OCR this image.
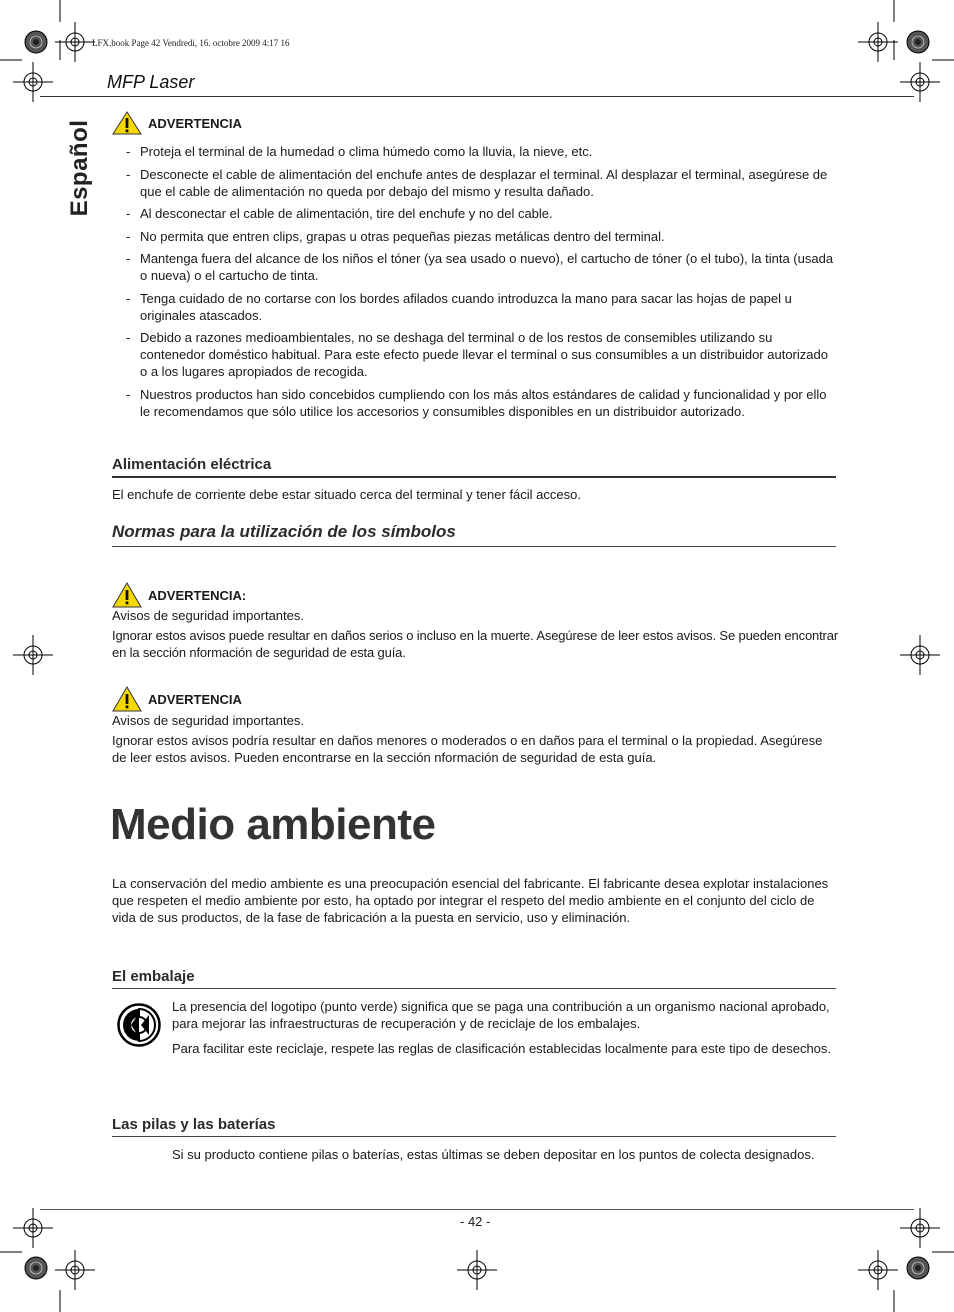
LFX.book Page 42 Vendredi, 16. octobre 2009 4:17 16
MFP Laser
Español	ADVERTENCIA
- Proteja el terminal de la humedad o clima húmedo como la lluvia, la nieve, etc.
- Desconecte el cable de alimentación del enchufe antes de desplazar el terminal. Al desplazar el terminal, asegúrese de que el cable de alimentación no queda por debajo del mismo y resulta dañado.
- Al desconectar el cable de alimentación, tire del enchufe y no del cable.
- No permita que entren clips, grapas u otras pequeñas piezas metálicas dentro del terminal.
- Mantenga fuera del alcance de los niños el tóner (ya sea usado o nuevo), el cartucho de tóner (o el tubo), la tinta (usada o nueva) o el cartucho de tinta.
- Tenga cuidado de no cortarse con los bordes afilados cuando introduzca la mano para sacar las hojas de papel u originales atascados.
- Debido a razones medioambientales, no se deshaga del terminal o de los restos de consemibles utilizando su contenedor doméstico habitual. Para este efecto puede llevar el terminal o sus consumibles a un distribuidor autorizado o a los lugares apropiados de recogida.
- Nuestros productos han sido concebidos cumpliendo con los más altos estándares de calidad y funcionalidad y por ello le recomendamos que sólo utilice los accesorios y consumibles disponibles en un distribuidor autorizado.
Alimentación eléctrica
El enchufe de corriente debe estar situado cerca del terminal y tener fácil acceso.
Normas para la utilización de los símbolos
ADVERTENCIA:
Avisos de seguridad importantes.
Ignorar estos avisos puede resultar en daños serios o incluso en la muerte. Asegúrese de leer estos avisos. Se pueden encontrar en la sección nformación de seguridad de esta guía.
ADVERTENCIA
Avisos de seguridad importantes.
Ignorar estos avisos podría resultar en daños menores o moderados o en daños para el terminal o la propiedad. Asegúrese de leer estos avisos. Pueden encontrarse en la sección nformación de seguridad de esta guía.
Medio ambiente
La conservación del medio ambiente es una preocupación esencial del fabricante. El fabricante desea explotar instalaciones que respeten el medio ambiente por esto, ha optado por integrar el respeto del medio ambiente en el conjunto del ciclo de vida de sus productos, de la fase de fabricación a la puesta en servicio, uso y eliminación.
El embalaje
La presencia del logotipo (punto verde) significa que se paga una contribución a un organismo nacional aprobado, para mejorar las infraestructuras de recuperación y de reciclaje de los embalajes.
Para facilitar este reciclaje, respete las reglas de clasificación establecidas localmente para este tipo de desechos.
Las pilas y las baterías
Si su producto contiene pilas o baterías, estas últimas se deben depositar en los puntos de colecta designados.
- 42 -
